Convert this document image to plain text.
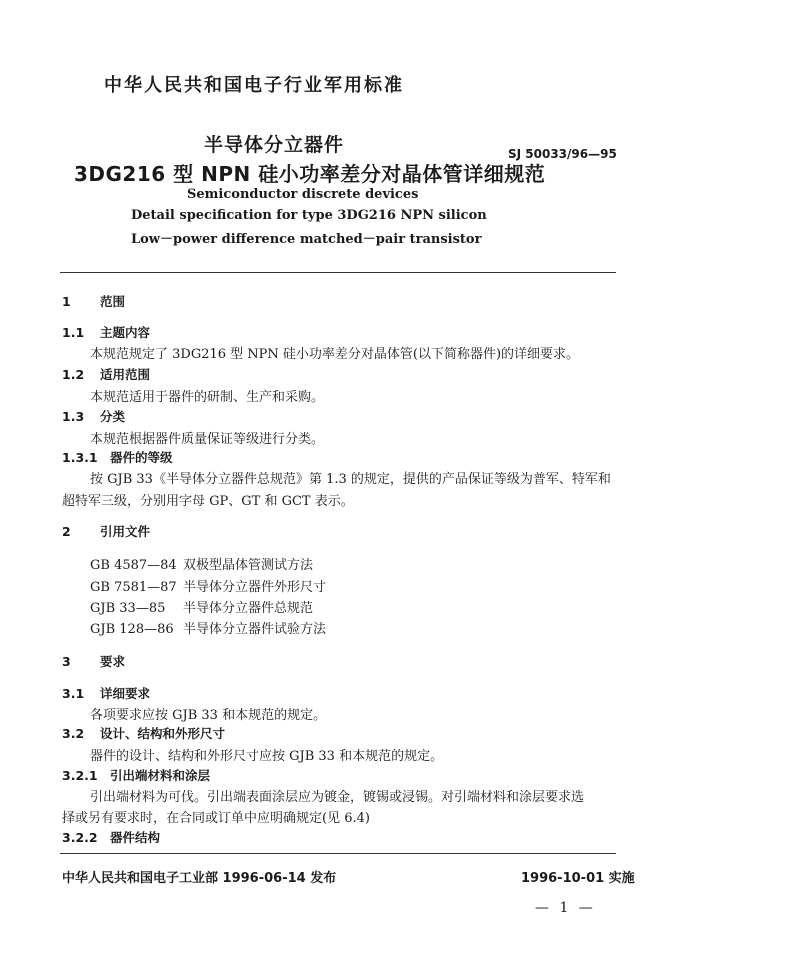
中华人民共和国电子行业军用标准
半导体分立器件
3DG216 型 NPN 硅小功率差分对晶体管详细规范
SJ 50033/96—95
Semiconductor discrete devices
Detail specification for type 3DG216 NPN silicon
Low－power difference matched－pair transistor
1 范围
1.1 主题内容
本规范规定了 3DG216 型 NPN 硅小功率差分对晶体管(以下简称器件)的详细要求。
1.2 适用范围
本规范适用于器件的研制、生产和采购。
1.3 分类
本规范根据器件质量保证等级进行分类。
1.3.1 器件的等级
按 GJB 33《半导体分立器件总规范》第 1.3 的规定，提供的产品保证等级为普军、特军和
超特军三级，分别用字母 GP、GT 和 GCT 表示。
2 引用文件
GB 4587—84 双极型晶体管测试方法
GB 7581—87 半导体分立器件外形尺寸
GJB 33—85 半导体分立器件总规范
GJB 128—86 半导体分立器件试验方法
3 要求
3.1 详细要求
各项要求应按 GJB 33 和本规范的规定。
3.2 设计、结构和外形尺寸
器件的设计、结构和外形尺寸应按 GJB 33 和本规范的规定。
3.2.1 引出端材料和涂层
引出端材料为可伐。引出端表面涂层应为镀金，镀锡或浸锡。对引端材料和涂层要求选
择或另有要求时，在合同或订单中应明确规定(见 6.4)
3.2.2 器件结构
中华人民共和国电子工业部 1996-06-14 发布	1996-10-01 实施
— 1 —
